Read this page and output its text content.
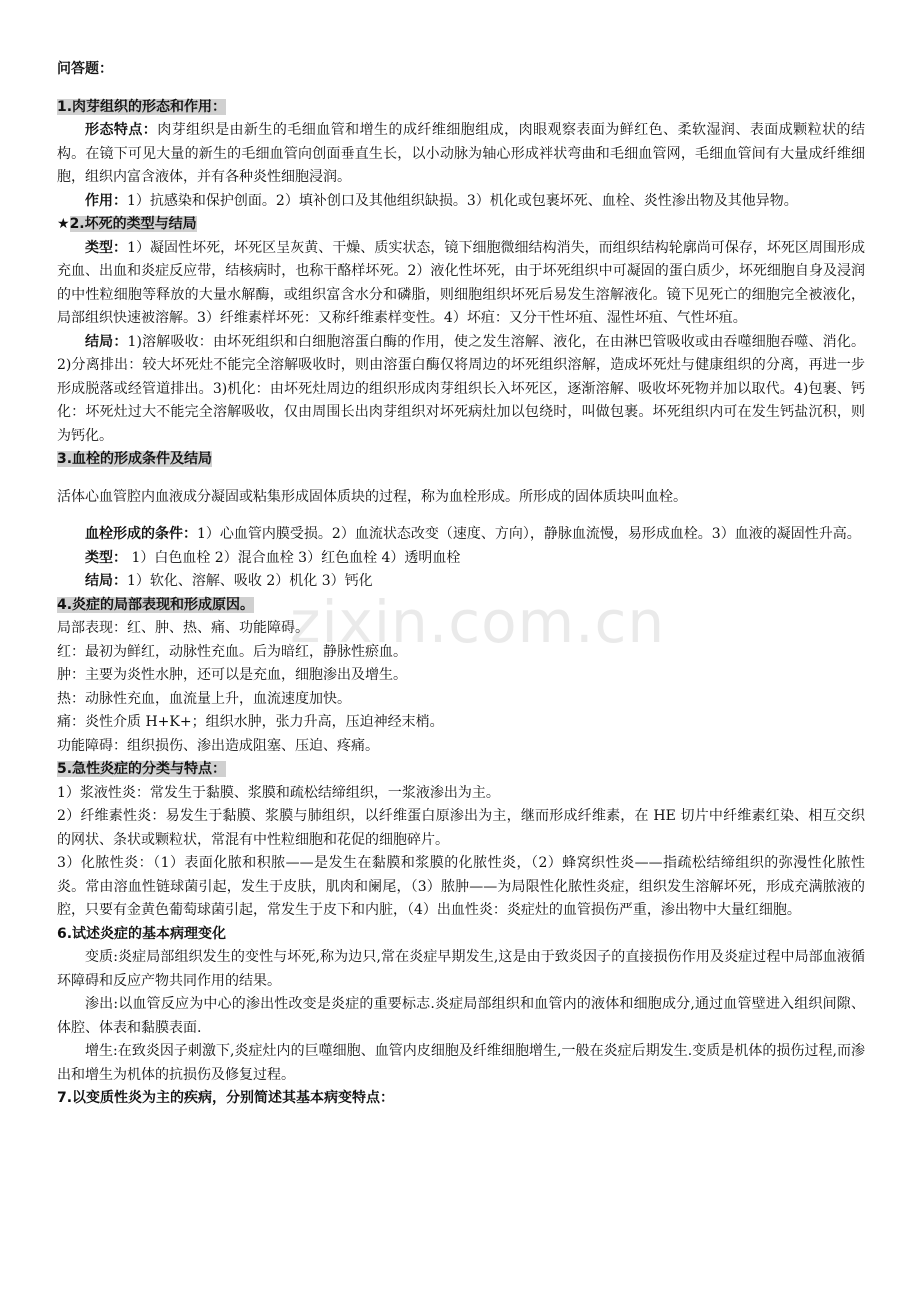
zixin.com.cn

问答题：

1.肉芽组织的形态和作用：

形态特点：肉芽组织是由新生的毛细血管和增生的成纤维细胞组成，肉眼观察表面为鲜红色、柔软湿润、表面成颗粒状的结构。在镜下可见大量的新生的毛细血管向创面垂直生长，以小动脉为轴心形成袢状弯曲和毛细血管网，毛细血管间有大量成纤维细胞，组织内富含液体，并有各种炎性细胞浸润。

作用：1）抗感染和保护创面。2）填补创口及其他组织缺损。3）机化或包裹坏死、血栓、炎性渗出物及其他异物。

★2.坏死的类型与结局

类型：1）凝固性坏死，坏死区呈灰黄、干燥、质实状态，镜下细胞微细结构消失，而组织结构轮廓尚可保存，坏死区周围形成充血、出血和炎症反应带，结核病时，也称干酪样坏死。2）液化性坏死，由于坏死组织中可凝固的蛋白质少，坏死细胞自身及浸润的中性粒细胞等释放的大量水解酶，或组织富含水分和磷脂，则细胞组织坏死后易发生溶解液化。镜下见死亡的细胞完全被液化，局部组织快速被溶解。3）纤维素样坏死：又称纤维素样变性。4）坏疽：又分干性坏疽、湿性坏疽、气性坏疽。

结局：1)溶解吸收：由坏死组织和白细胞溶蛋白酶的作用，使之发生溶解、液化，在由淋巴管吸收或由吞噬细胞吞噬、消化。2)分离排出：较大坏死灶不能完全溶解吸收时，则由溶蛋白酶仅将周边的坏死组织溶解，造成坏死灶与健康组织的分离，再进一步形成脱落或经管道排出。3)机化：由坏死灶周边的组织形成肉芽组织长入坏死区，逐渐溶解、吸收坏死物并加以取代。4)包裹、钙化：坏死灶过大不能完全溶解吸收，仅由周围长出肉芽组织对坏死病灶加以包绕时，叫做包裹。坏死组织内可在发生钙盐沉积，则为钙化。

3.血栓的形成条件及结局

活体心血管腔内血液成分凝固或粘集形成固体质块的过程，称为血栓形成。所形成的固体质块叫血栓。

血栓形成的条件：1）心血管内膜受损。2）血流状态改变（速度、方向），静脉血流慢，易形成血栓。3）血液的凝固性升高。

类型： 1）白色血栓 2）混合血栓 3）红色血栓 4）透明血栓

结局：1）软化、溶解、吸收 2）机化 3）钙化

4.炎症的局部表现和形成原因。

局部表现：红、肿、热、痛、功能障碍。

红：最初为鲜红，动脉性充血。后为暗红，静脉性瘀血。

肿：主要为炎性水肿，还可以是充血，细胞渗出及增生。

热：动脉性充血，血流量上升，血流速度加快。

痛：炎性介质 H+K+；组织水肿，张力升高，压迫神经末梢。

功能障碍：组织损伤、渗出造成阻塞、压迫、疼痛。

5.急性炎症的分类与特点：

1）浆液性炎：常发生于黏膜、浆膜和疏松结缔组织，一浆液渗出为主。

2）纤维素性炎：易发生于黏膜、浆膜与肺组织，以纤维蛋白原渗出为主，继而形成纤维素，在 HE 切片中纤维素红染、相互交织的网状、条状或颗粒状，常混有中性粒细胞和花促的细胞碎片。

3）化脓性炎：（1）表面化脓和积脓——是发生在黏膜和浆膜的化脓性炎，（2）蜂窝织性炎——指疏松结缔组织的弥漫性化脓性炎。常由溶血性链球菌引起，发生于皮肤，肌肉和阑尾，（3）脓肿——为局限性化脓性炎症，组织发生溶解坏死，形成充满脓液的腔，只要有金黄色葡萄球菌引起，常发生于皮下和内脏，（4）出血性炎：炎症灶的血管损伤严重，渗出物中大量红细胞。

6.试述炎症的基本病理变化

变质:炎症局部组织发生的变性与坏死,称为边只,常在炎症早期发生,这是由于致炎因子的直接损伤作用及炎症过程中局部血液循环障碍和反应产物共同作用的结果。

渗出:以血管反应为中心的渗出性改变是炎症的重要标志.炎症局部组织和血管内的液体和细胞成分,通过血管壁进入组织间隙、体腔、体表和黏膜表面.

增生:在致炎因子刺激下,炎症灶内的巨噬细胞、血管内皮细胞及纤维细胞增生,一般在炎症后期发生.变质是机体的损伤过程,而渗出和增生为机体的抗损伤及修复过程。

7.以变质性炎为主的疾病，分别简述其基本病变特点：
